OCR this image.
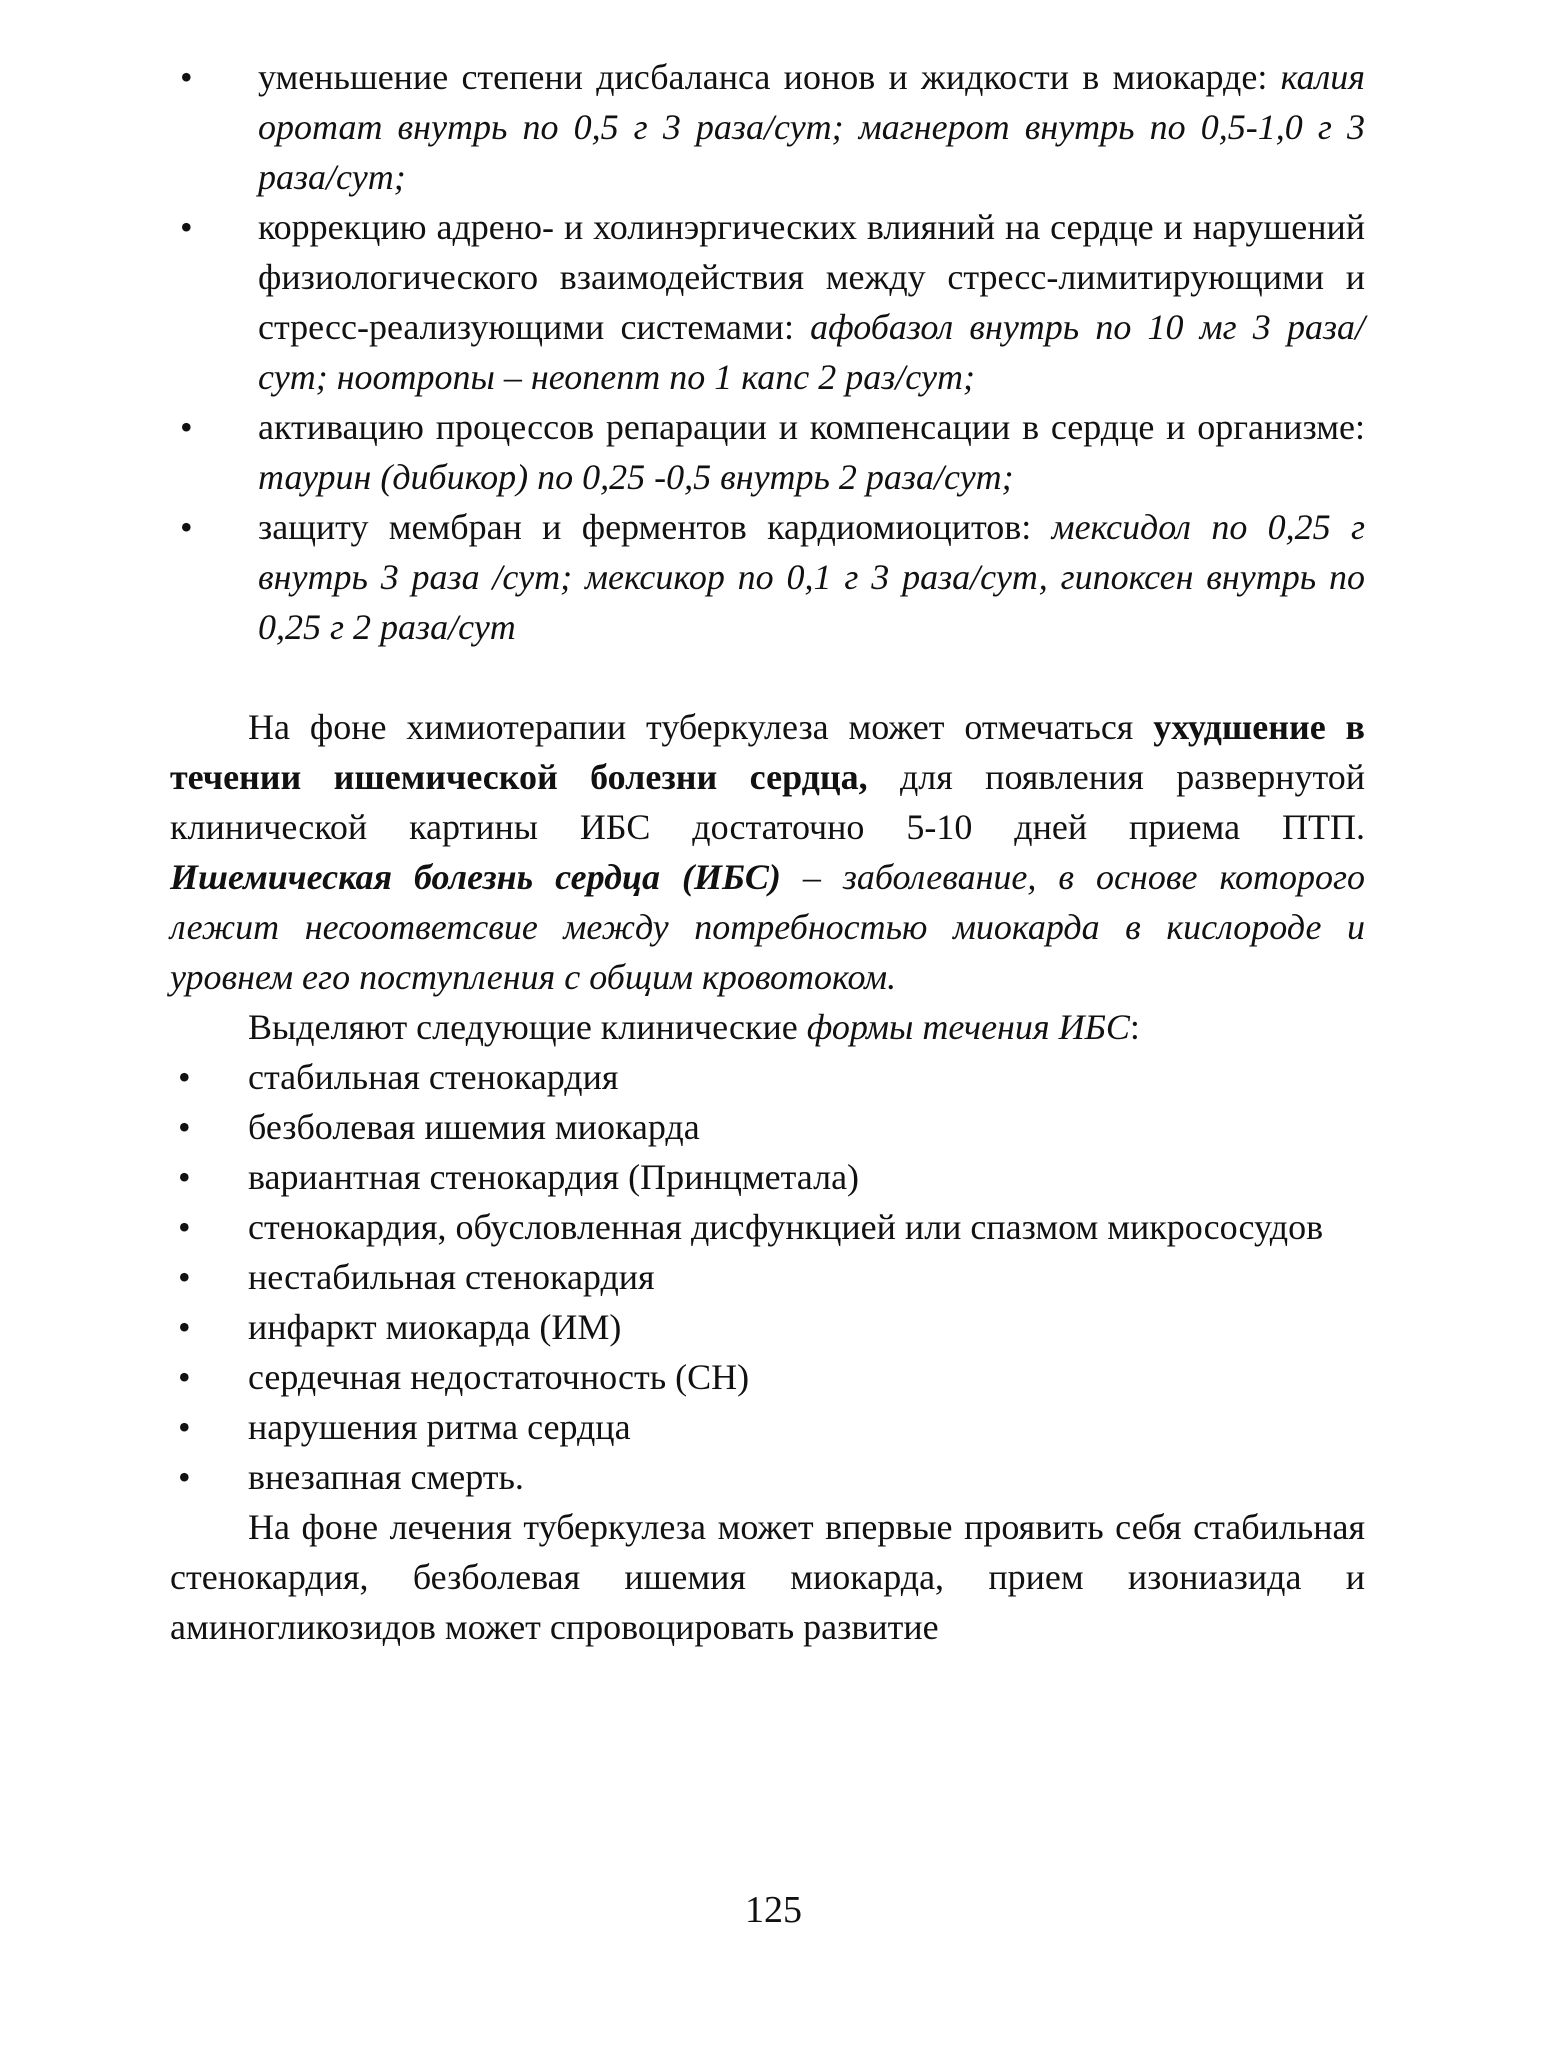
• уменьшение степени дисбаланса ионов и жидкости в миокарде: калия оротат внутрь по 0,5 г 3 раза/сут; магнерот внутрь по 0,5-1,0 г 3 раза/сут;
• коррекцию адрено- и холинэргических влияний на сердце и нарушений физиологического взаимодействия между стресс-лимитирующими и стресс-реализующими системами: афобазол внутрь по 10 мг 3 раза/сут; ноотропы – неопепт по 1 капс 2 раз/сут;
• активацию процессов репарации и компенсации в сердце и организме: таурин (дибикор) по 0,25 -0,5 внутрь 2 раза/сут;
• защиту мембран и ферментов кардиомиоцитов: мексидол по 0,25 г внутрь 3 раза /сут; мексикор по 0,1 г 3 раза/сут, гипоксен внутрь по 0,25 г 2 раза/сут

На фоне химиотерапии туберкулеза может отмечаться ухудшение в течении ишемической болезни сердца, для появления развернутой клинической картины ИБС достаточно 5-10 дней приема ПТП. Ишемическая болезнь сердца (ИБС) – заболевание, в основе которого лежит несоответсвие между потребностью миокарда в кислороде и уровнем его поступления с общим кровотоком.

Выделяют следующие клинические формы течения ИБС:

• стабильная стенокардия
• безболевая ишемия миокарда
• вариантная стенокардия (Принцметала)
• стенокардия, обусловленная дисфункцией или спазмом микрососудов
• нестабильная стенокардия
• инфаркт миокарда (ИМ)
• сердечная недостаточность (СН)
• нарушения ритма сердца
• внезапная смерть.

На фоне лечения туберкулеза может впервые проявить себя стабильная стенокардия, безболевая ишемия миокарда, прием изониазида и аминогликозидов может спровоцировать развитие

125
